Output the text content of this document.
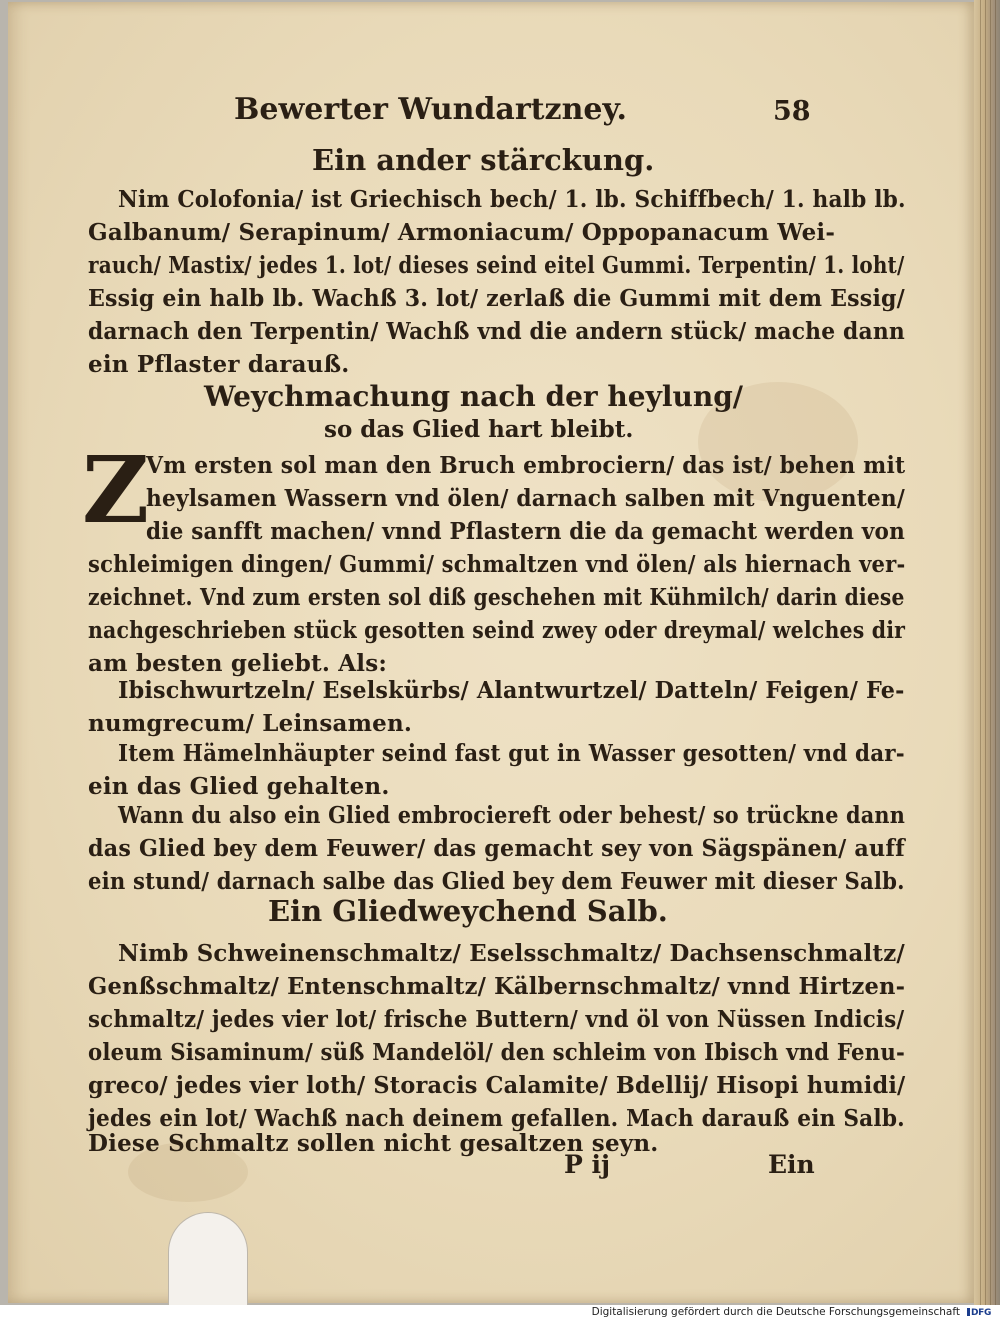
Bewerter Wundartzney.	58
Ein ander stärckung.
Nim Colofonia/ ist Griechisch bech/ 1. lb. Schiffbech/ 1. halb lb.
Galbanum/ Serapinum/ Armoniacum/ Oppopanacum Wei-
rauch/ Mastix/ jedes 1. lot/ dieses seind eitel Gummi. Terpentin/ 1. loht/
Essig ein halb lb. Wachß 3. lot/ zerlaß die Gummi mit dem Essig/
darnach den Terpentin/ Wachß vnd die andern stück/ mache dann
ein Pflaster darauß.
Weychmachung nach der heylung/
so das Glied hart bleibt.
Z
Vm ersten sol man den Bruch embrociern/ das ist/ behen mit
heylsamen Wassern vnd ölen/ darnach salben mit Vnguenten/
die sanfft machen/ vnnd Pflastern die da gemacht werden von
schleimigen dingen/ Gummi/ schmaltzen vnd ölen/ als hiernach ver-
zeichnet. Vnd zum ersten sol diß geschehen mit Kühmilch/ darin diese
nachgeschrieben stück gesotten seind zwey oder dreymal/ welches dir
am besten geliebt. Als:
Ibischwurtzeln/ Eselskürbs/ Alantwurtzel/ Datteln/ Feigen/ Fe-
numgrecum/ Leinsamen.
Item Hämelnhäupter seind fast gut in Wasser gesotten/ vnd dar-
ein das Glied gehalten.
Wann du also ein Glied embrociereft oder behest/ so trückne dann
das Glied bey dem Feuwer/ das gemacht sey von Sägspänen/ auff
ein stund/ darnach salbe das Glied bey dem Feuwer mit dieser Salb.
Ein Gliedweychend Salb.
Nimb Schweinenschmaltz/ Eselsschmaltz/ Dachsenschmaltz/
Genßschmaltz/ Entenschmaltz/ Kälbernschmaltz/ vnnd Hirtzen-
schmaltz/ jedes vier lot/ frische Buttern/ vnd öl von Nüssen Indicis/
oleum Sisaminum/ süß Mandelöl/ den schleim von Ibisch vnd Fenu-
greco/ jedes vier loth/ Storacis Calamite/ Bdellij/ Hisopi humidi/
jedes ein lot/ Wachß nach deinem gefallen. Mach darauß ein Salb.
Diese Schmaltz sollen nicht gesaltzen seyn.
P ij	Ein
Digitalisierung gefördert durch die Deutsche Forschungsgemeinschaft	DFG
